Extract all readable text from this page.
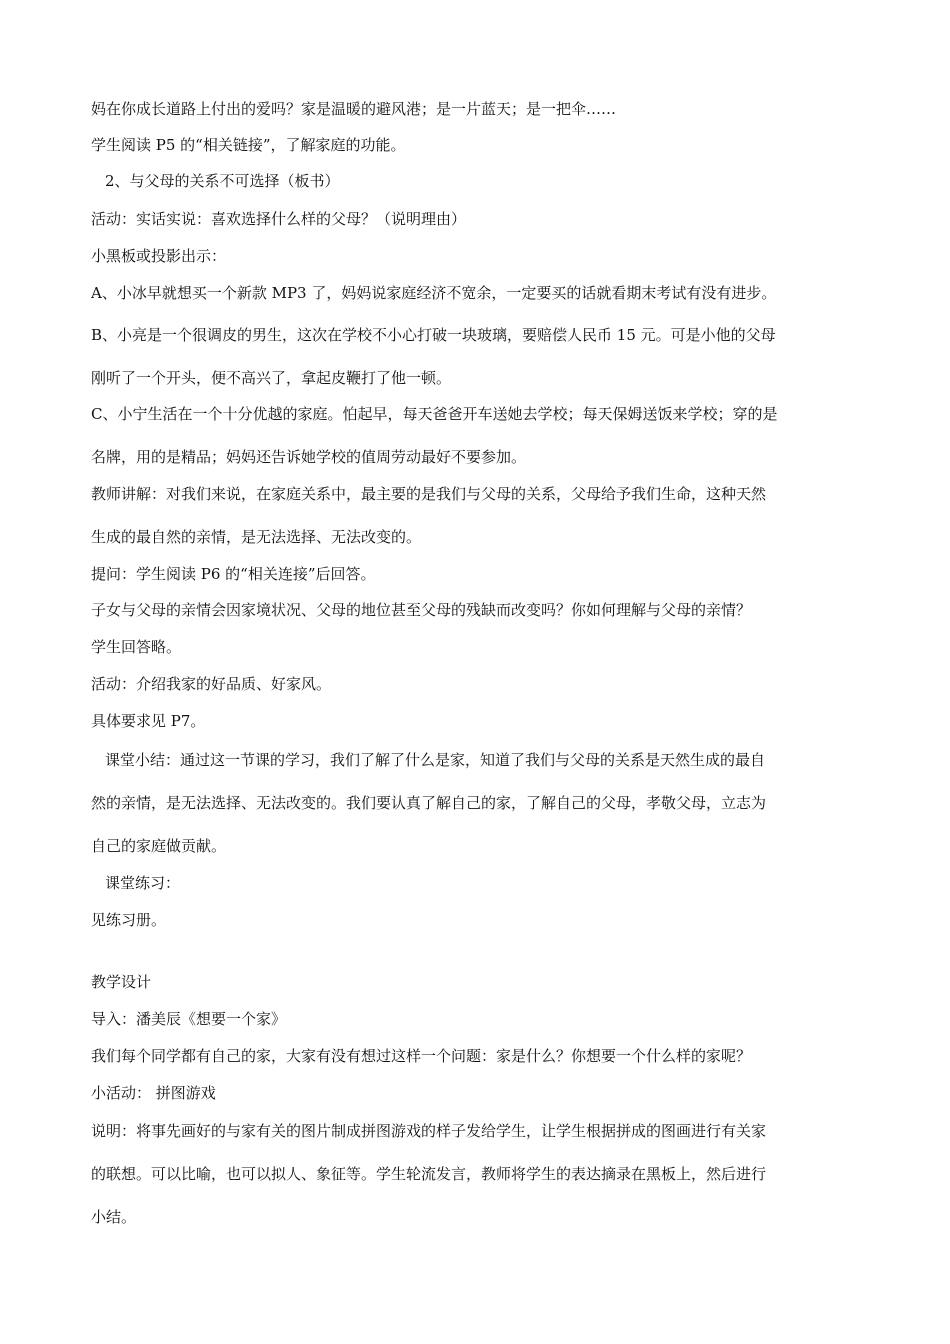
妈在你成长道路上付出的爱吗？家是温暖的避风港；是一片蓝天；是一把伞……
学生阅读 P5 的“相关链接”，了解家庭的功能。
2、与父母的关系不可选择（板书）
活动：实话实说：喜欢选择什么样的父母？（说明理由）
小黑板或投影出示：
A、小冰早就想买一个新款 MP3 了，妈妈说家庭经济不宽余，一定要买的话就看期末考试有没有进步。
B、小亮是一个很调皮的男生，这次在学校不小心打破一块玻璃，要赔偿人民币 15 元。可是小他的父母
刚听了一个开头，便不高兴了，拿起皮鞭打了他一顿。
C、小宁生活在一个十分优越的家庭。怕起早，每天爸爸开车送她去学校；每天保姆送饭来学校；穿的是
名牌，用的是精品；妈妈还告诉她学校的值周劳动最好不要参加。
教师讲解：对我们来说，在家庭关系中，最主要的是我们与父母的关系，父母给予我们生命，这种天然
生成的最自然的亲情，是无法选择、无法改变的。
提问：学生阅读 P6 的“相关连接”后回答。
子女与父母的亲情会因家境状况、父母的地位甚至父母的残缺而改变吗？你如何理解与父母的亲情？
学生回答略。
活动：介绍我家的好品质、好家风。
具体要求见 P7。
课堂小结：通过这一节课的学习，我们了解了什么是家，知道了我们与父母的关系是天然生成的最自
然的亲情，是无法选择、无法改变的。我们要认真了解自己的家，了解自己的父母，孝敬父母，立志为
自己的家庭做贡献。
课堂练习：
见练习册。
教学设计
导入：潘美辰《想要一个家》
我们每个同学都有自己的家，大家有没有想过这样一个问题：家是什么？你想要一个什么样的家呢？
小活动： 拼图游戏
说明：将事先画好的与家有关的图片制成拼图游戏的样子发给学生，让学生根据拼成的图画进行有关家
的联想。可以比喻，也可以拟人、象征等。学生轮流发言，教师将学生的表达摘录在黑板上，然后进行
小结。
